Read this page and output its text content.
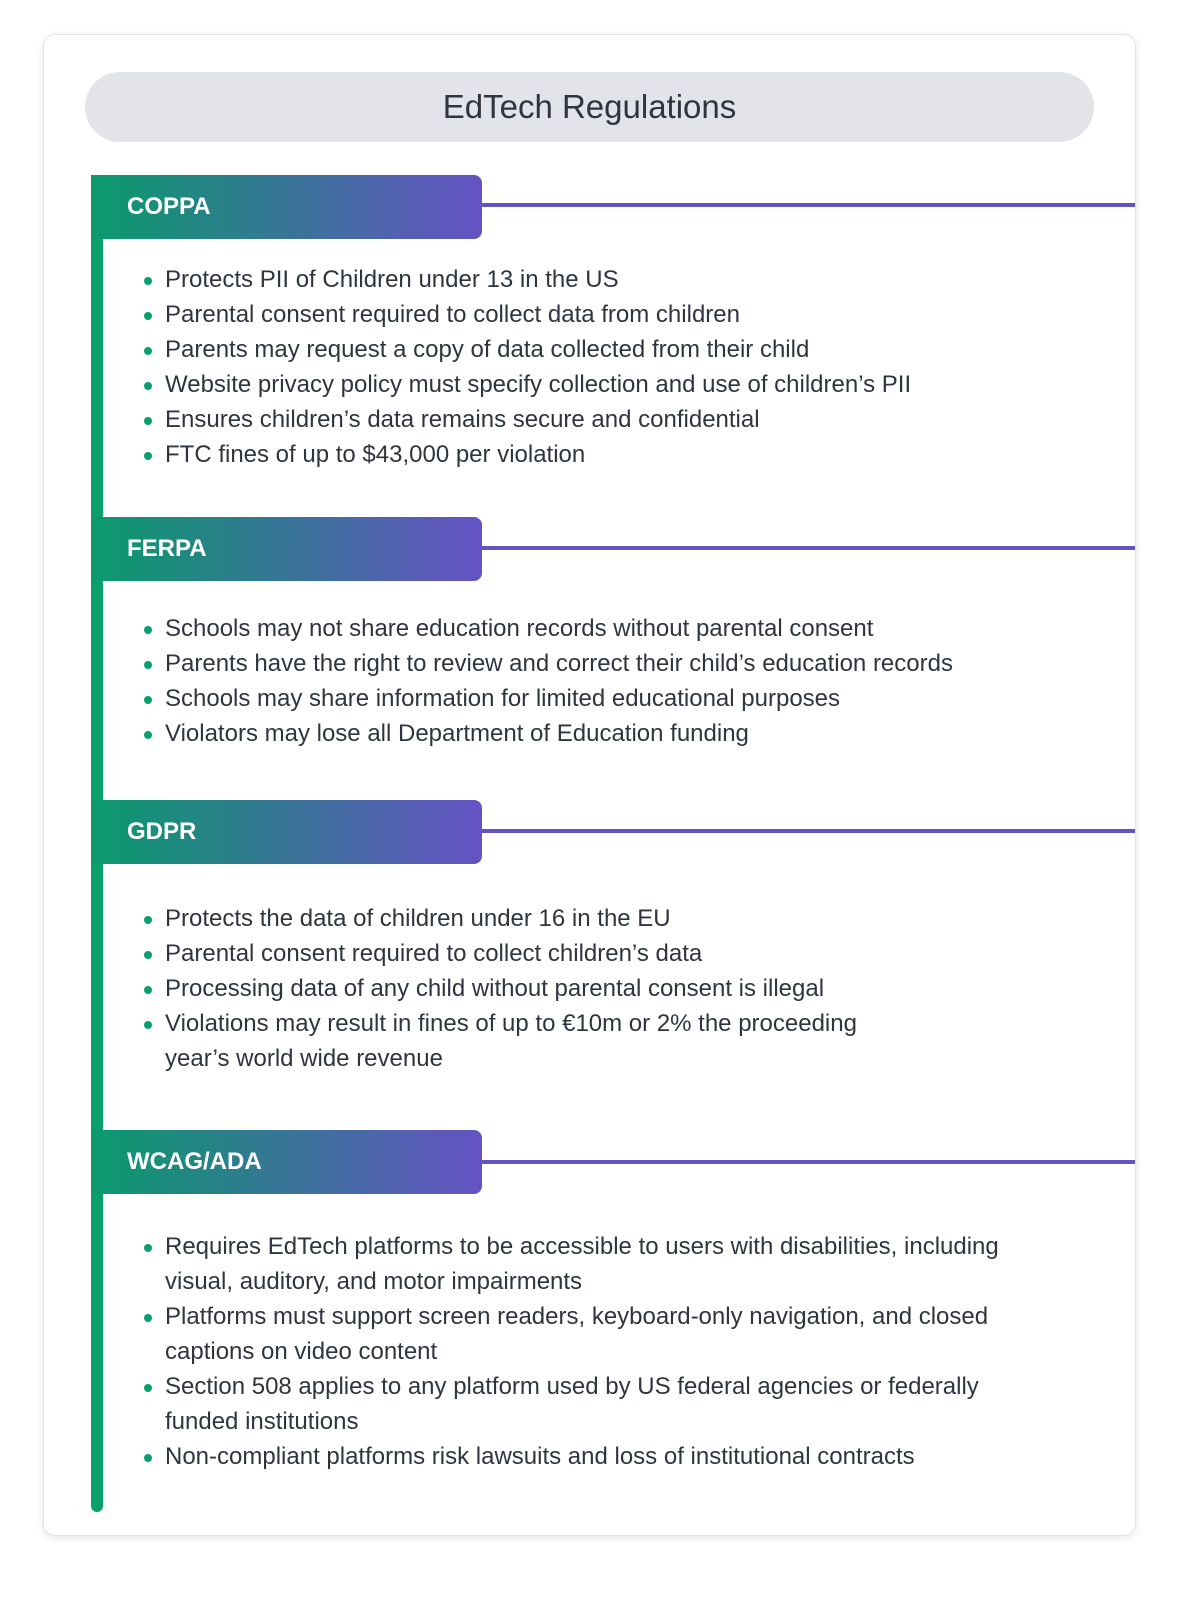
EdTech Regulations
COPPA
Protects PII of Children under 13 in the US
Parental consent required to collect data from children
Parents may request a copy of data collected from their child
Website privacy policy must specify collection and use of children’s PII
Ensures children’s data remains secure and confidential
FTC fines of up to $43,000 per violation
FERPA
Schools may not share education records without parental consent
Parents have the right to review and correct their child’s education records
Schools may share information for limited educational purposes
Violators may lose all Department of Education funding
GDPR
Protects the data of children under 16 in the EU
Parental consent required to collect children’s data
Processing data of any child without parental consent is illegal
Violations may result in fines of up to €10m or 2% the proceeding year’s world wide revenue
WCAG/ADA
Requires EdTech platforms to be accessible to users with disabilities, including visual, auditory, and motor impairments
Platforms must support screen readers, keyboard-only navigation, and closed captions on video content
Section 508 applies to any platform used by US federal agencies or federally funded institutions
Non-compliant platforms risk lawsuits and loss of institutional contracts
